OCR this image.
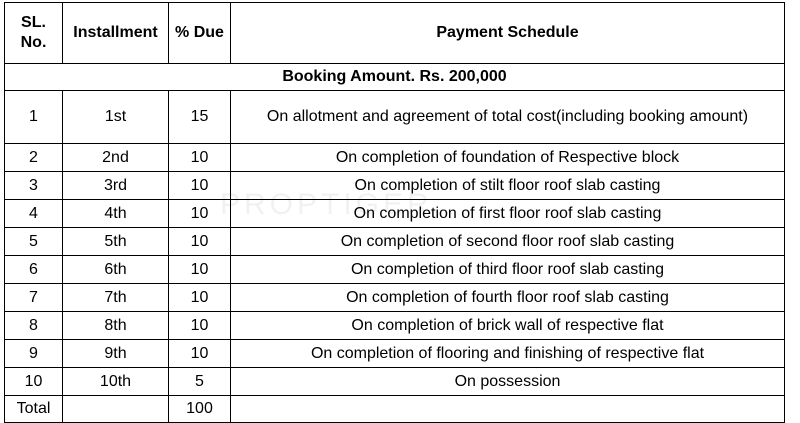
SL. No.	Installment	% Due	Payment Schedule
Booking Amount. Rs. 200,000			
1	1st	15	On allotment and agreement of total cost(including booking amount)
2	2nd	10	On completion of foundation of Respective block
3	3rd	10	On completion of stilt floor roof slab casting
4	4th	10	On completion of first floor roof slab casting
5	5th	10	On completion of second floor roof slab casting
6	6th	10	On completion of third floor roof slab casting
7	7th	10	On completion of fourth floor roof slab casting
8	8th	10	On completion of brick wall of respective flat
9	9th	10	On completion of flooring and finishing of respective flat
10	10th	5	On possession
Total		100	
PROPTIGER
